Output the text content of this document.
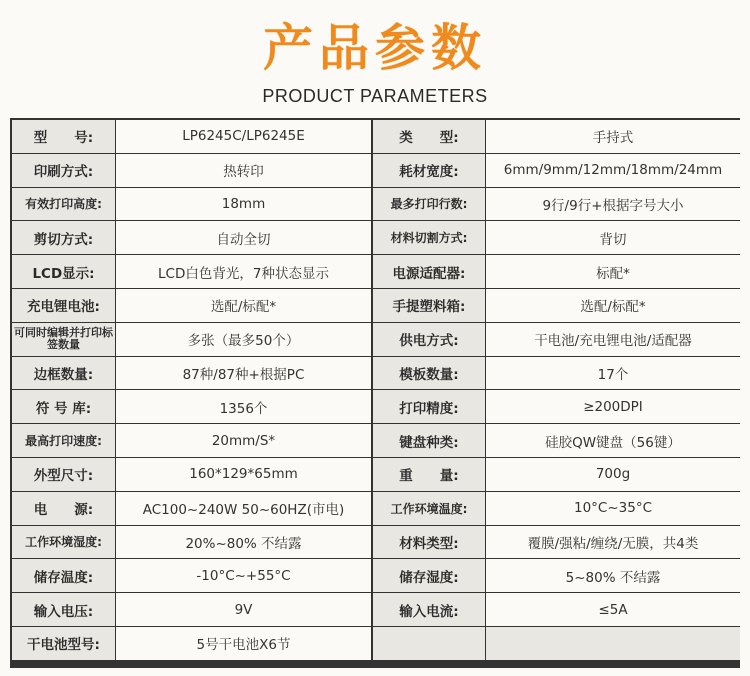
产品参数
PRODUCT PARAMETERS
型　　号:	LP6245C/LP6245E	类　　型:	手持式
印刷方式:	热转印	耗材宽度:	6mm/9mm/12mm/18mm/24mm
有效打印高度:	18mm	最多打印行数:	9行/9行+根据字号大小
剪切方式:	自动全切	材料切割方式:	背切
LCD显示:	LCD白色背光，7种状态显示	电源适配器:	标配*
充电锂电池:	选配/标配*	手提塑料箱:	选配/标配*
可同时编辑并打印标签数量	多张（最多50个）	供电方式:	干电池/充电锂电池/适配器
边框数量:	87种/87种+根据PC	模板数量:	17个
符 号 库:	1356个	打印精度:	≥200DPI
最高打印速度:	20mm/S*	键盘种类:	硅胶QW键盘（56键）
外型尺寸:	160*129*65mm	重　　量:	700g
电　　源:	AC100~240W 50~60HZ(市电)	工作环境温度:	10°C~35°C
工作环境湿度:	20%~80% 不结露	材料类型:	覆膜/强粘/缠绕/无膜，共4类
储存温度:	-10°C~+55°C	储存湿度:	5~80% 不结露
输入电压:	9V	输入电流:	≤5A
干电池型号:	5号干电池X6节
